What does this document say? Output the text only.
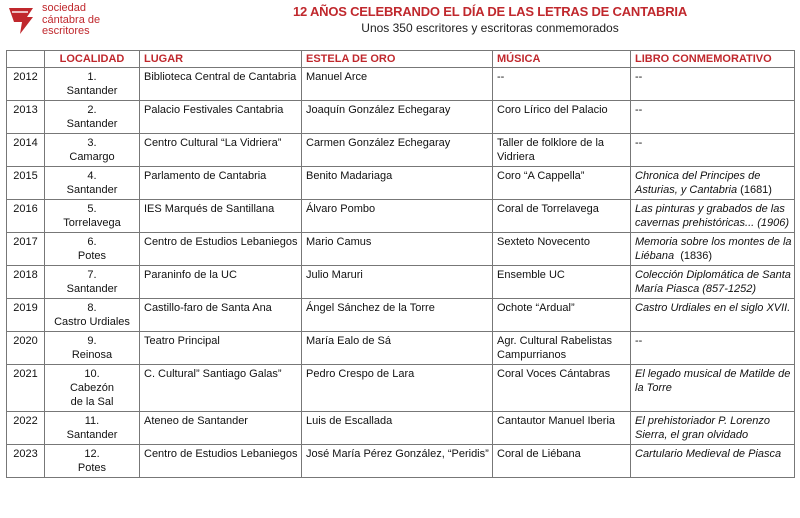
sociedad
cántabra de
escritores
12 AÑOS CELEBRANDO EL DÍA DE LAS LETRAS DE CANTABRIA
Unos 350 escritores y escritoras conmemorados
	LOCALIDAD	LUGAR	ESTELA DE ORO	MÚSICA	LIBRO CONMEMORATIVO
2012	1.
Santander	Biblioteca Central de Cantabria	Manuel Arce	--	--

2013	2.
Santander	Palacio Festivales Cantabria	Joaquín González Echegaray	Coro Lírico del Palacio	--

2014	3.
Camargo	Centro Cultural “La Vidriera”	Carmen González Echegaray	Taller de folklore de la
Vidriera	--

2015	4.
Santander	Parlamento de Cantabria	Benito Madariaga	Coro “A Cappella”	Chronica del Principes de
Asturias, y Cantabria (1681)

2016	5.
Torrelavega	IES Marqués de Santillana	Álvaro Pombo	Coral de Torrelavega	Las pinturas y grabados de las
cavernas prehistóricas... (1906)

2017	6.
Potes	Centro de Estudios Lebaniegos	Mario Camus	Sexteto Novecento	Memoria sobre los montes de la
Liébana  (1836)

2018	7.
Santander	Paraninfo de la UC	Julio Maruri	Ensemble UC	Colección Diplomática de Santa
María Piasca (857-1252)

2019	8.
Castro Urdiales	Castillo-faro de Santa Ana	Ángel Sánchez de la Torre	Ochote “Ardual”	Castro Urdiales en el siglo XVII.

2020	9.
Reinosa	Teatro Principal	María Ealo de Sá	Agr. Cultural Rabelistas
Campurrianos	--

2021	10.
Cabezón
de la Sal	C. Cultural” Santiago Galas”	Pedro Crespo de Lara	Coral Voces Cántabras	El legado musical de Matilde de
la Torre

2022	11.
Santander	Ateneo de Santander	Luis de Escallada	Cantautor Manuel Iberia	El prehistoriador P. Lorenzo
Sierra, el gran olvidado

2023	12.
Potes	Centro de Estudios Lebaniegos	José María Pérez González, “Peridis”	Coral de Liébana	Cartulario Medieval de Piasca
